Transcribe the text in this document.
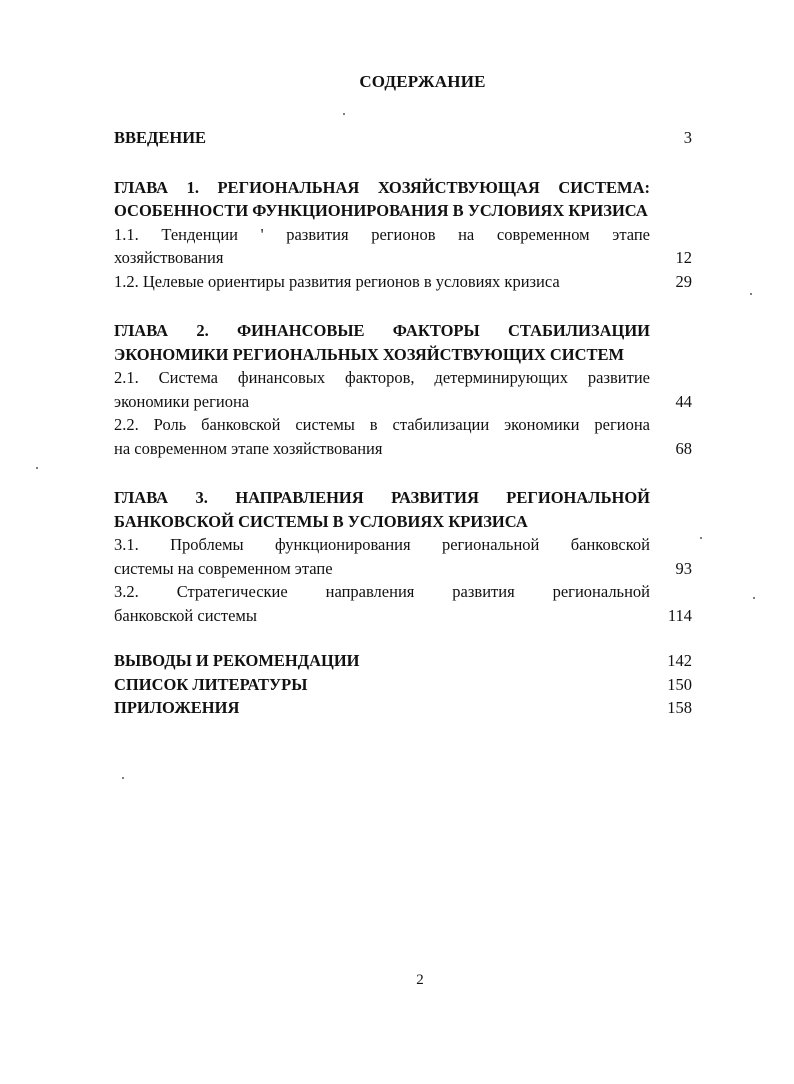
СОДЕРЖАНИЕ
ВВЕДЕНИЕ	3
ГЛАВА 1. РЕГИОНАЛЬНАЯ ХОЗЯЙСТВУЮЩАЯ СИСТЕМА: ОСОБЕННОСТИ ФУНКЦИОНИРОВАНИЯ В УСЛОВИЯХ КРИЗИСА
1.1. Тенденции ' развития регионов на современном этапе
хозяйствования	12
1.2. Целевые ориентиры развития регионов в условиях кризиса	29
ГЛАВА 2. ФИНАНСОВЫЕ ФАКТОРЫ СТАБИЛИЗАЦИИ ЭКОНОМИКИ РЕГИОНАЛЬНЫХ ХОЗЯЙСТВУЮЩИХ СИСТЕМ
2.1. Система финансовых факторов, детерминирующих развитие
экономики региона	44
2.2. Роль банковской системы в стабилизации экономики региона
на современном этапе хозяйствования	68
ГЛАВА 3. НАПРАВЛЕНИЯ РАЗВИТИЯ РЕГИОНАЛЬНОЙ БАНКОВСКОЙ СИСТЕМЫ В УСЛОВИЯХ КРИЗИСА
3.1. Проблемы функционирования региональной банковской
системы на современном этапе	93
3.2. Стратегические направления развития региональной
банковской системы	114
ВЫВОДЫ И РЕКОМЕНДАЦИИ	142
СПИСОК ЛИТЕРАТУРЫ	150
ПРИЛОЖЕНИЯ	158
2
